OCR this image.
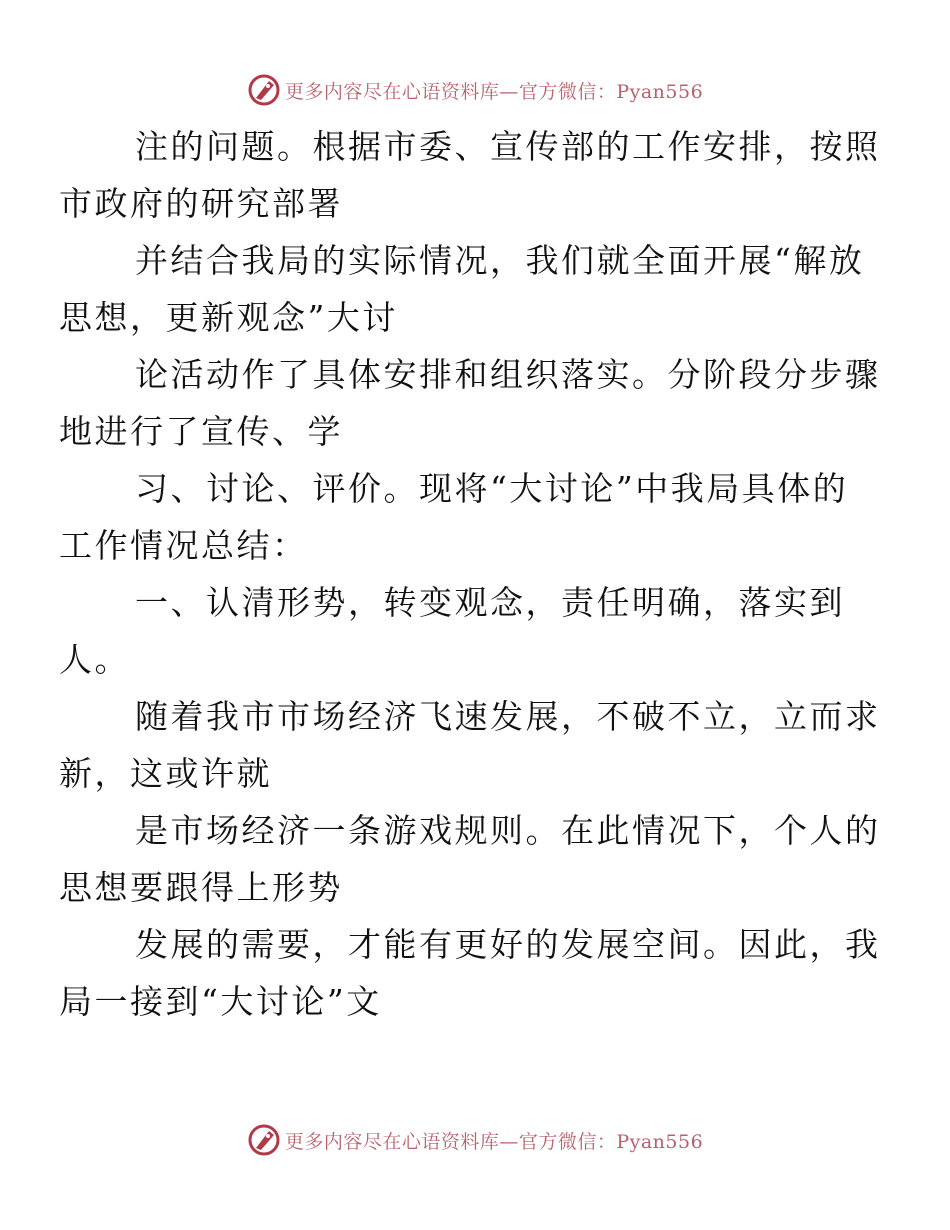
更多内容尽在心语资料库—官方微信：Pyan556

注的问题。根据市委、宣传部的工作安排，按照
市政府的研究部署

并结合我局的实际情况，我们就全面开展“解放
思想，更新观念”大讨

论活动作了具体安排和组织落实。分阶段分步骤
地进行了宣传、学

习、讨论、评价。现将“大讨论”中我局具体的
工作情况总结：

一、认清形势，转变观念，责任明确，落实到
人。

随着我市市场经济飞速发展，不破不立，立而求
新，这或许就

是市场经济一条游戏规则。在此情况下，个人的
思想要跟得上形势

发展的需要，才能有更好的发展空间。因此，我
局一接到“大讨论”文

更多内容尽在心语资料库—官方微信：Pyan556
